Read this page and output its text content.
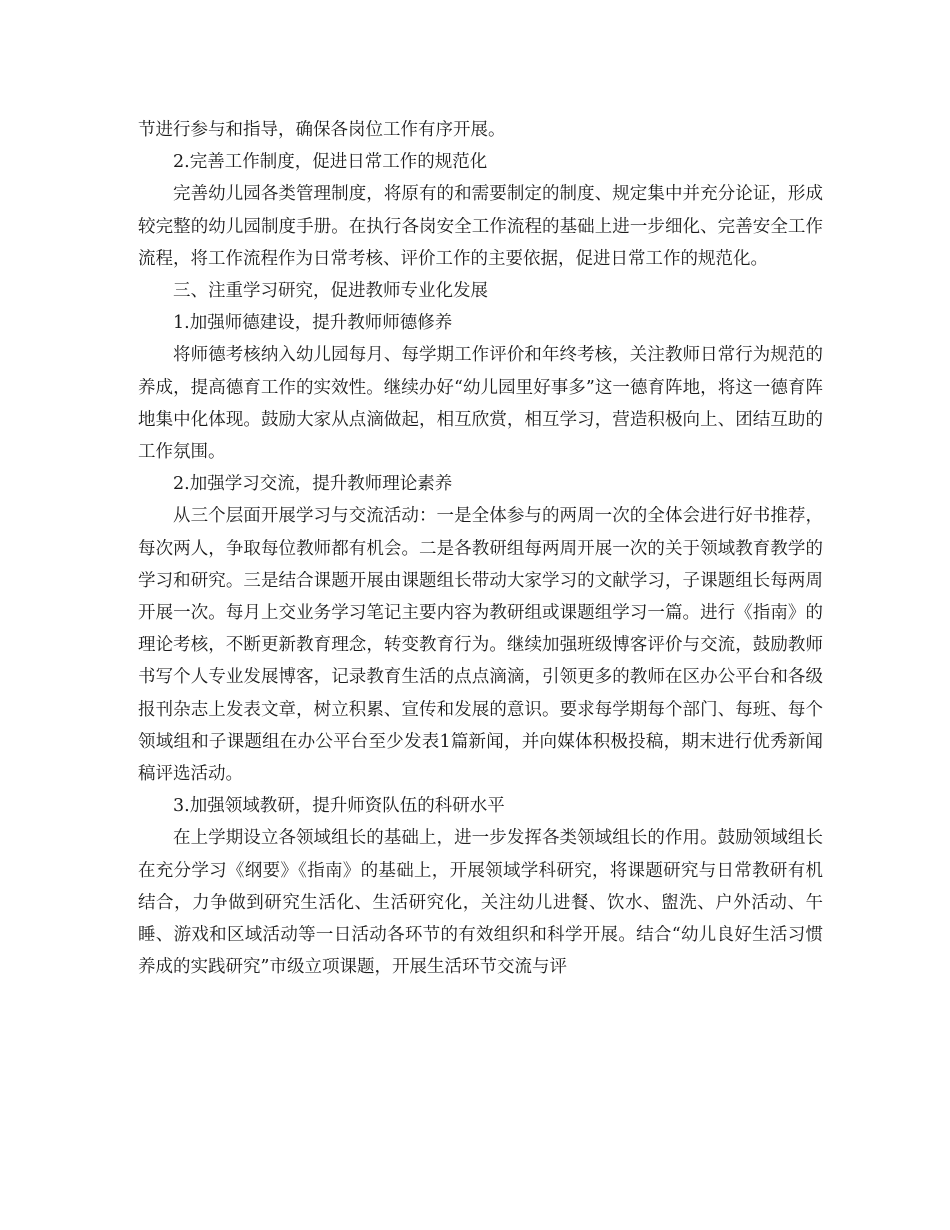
节进行参与和指导，确保各岗位工作有序开展。

2.完善工作制度，促进日常工作的规范化

完善幼儿园各类管理制度，将原有的和需要制定的制度、规定集中并充分论证，形成较完整的幼儿园制度手册。在执行各岗安全工作流程的基础上进一步细化、完善安全工作流程，将工作流程作为日常考核、评价工作的主要依据，促进日常工作的规范化。

三、注重学习研究，促进教师专业化发展

1.加强师德建设，提升教师师德修养

将师德考核纳入幼儿园每月、每学期工作评价和年终考核，关注教师日常行为规范的养成，提高德育工作的实效性。继续办好“幼儿园里好事多”这一德育阵地，将这一德育阵地集中化体现。鼓励大家从点滴做起，相互欣赏，相互学习，营造积极向上、团结互助的工作氛围。

2.加强学习交流，提升教师理论素养

从三个层面开展学习与交流活动：一是全体参与的两周一次的全体会进行好书推荐，每次两人，争取每位教师都有机会。二是各教研组每两周开展一次的关于领域教育教学的学习和研究。三是结合课题开展由课题组长带动大家学习的文献学习，子课题组长每两周开展一次。每月上交业务学习笔记主要内容为教研组或课题组学习一篇。进行《指南》的理论考核，不断更新教育理念，转变教育行为。继续加强班级博客评价与交流，鼓励教师书写个人专业发展博客，记录教育生活的点点滴滴，引领更多的教师在区办公平台和各级报刊杂志上发表文章，树立积累、宣传和发展的意识。要求每学期每个部门、每班、每个领域组和子课题组在办公平台至少发表1篇新闻，并向媒体积极投稿，期末进行优秀新闻稿评选活动。

3.加强领域教研，提升师资队伍的科研水平

在上学期设立各领域组长的基础上，进一步发挥各类领域组长的作用。鼓励领域组长在充分学习《纲要》《指南》的基础上，开展领域学科研究，将课题研究与日常教研有机结合，力争做到研究生活化、生活研究化，关注幼儿进餐、饮水、盥洗、户外活动、午睡、游戏和区域活动等一日活动各环节的有效组织和科学开展。结合“幼儿良好生活习惯养成的实践研究”市级立项课题，开展生活环节交流与评
